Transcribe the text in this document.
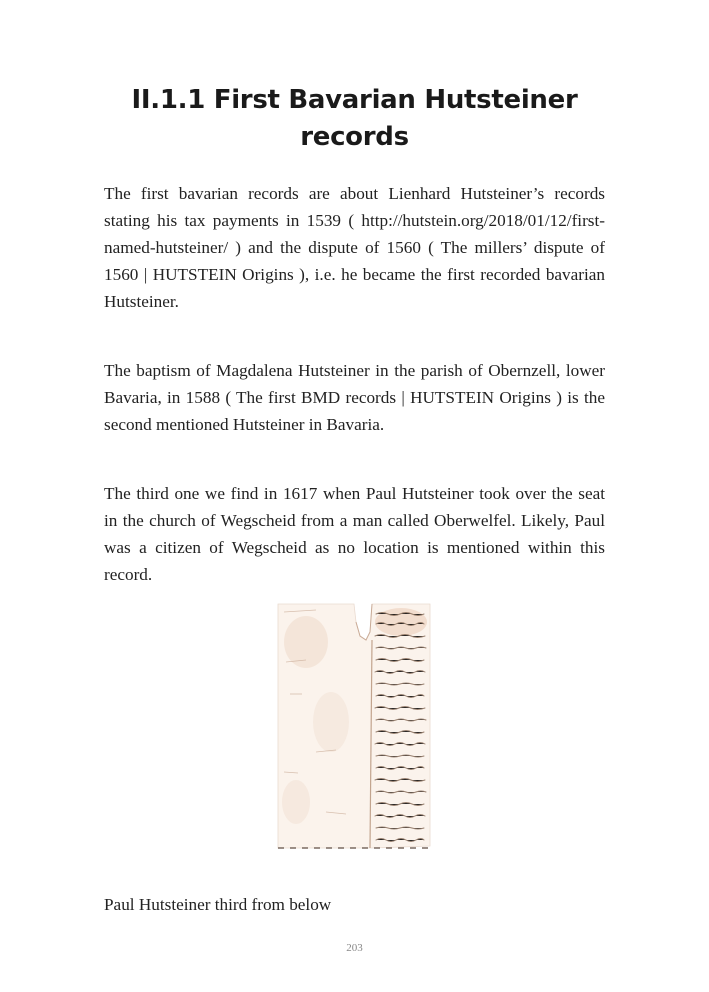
II.1.1 First Bavarian Hutsteiner records

The first bavarian records are about Lienhard Hutsteiner’s records stating his tax payments in 1539 ( http://hutstein.org/2018/01/12/first-named-hutsteiner/ ) and the dispute of 1560 ( The millers’ dispute of 1560 | HUTSTEIN Origins ), i.e. he became the first recorded bavarian Hutsteiner.

The baptism of Magdalena Hutsteiner in the parish of Obernzell, lower Bavaria, in 1588 ( The first BMD records | HUTSTEIN Origins ) is the second mentioned Hutsteiner in Bavaria.

The third one we find in 1617 when Paul Hutsteiner took over the seat in the church of Wegscheid from a man called Oberwelfel. Likely, Paul was a citizen of Wegscheid as no location is mentioned within this record.

Paul Hutsteiner third from below

203
